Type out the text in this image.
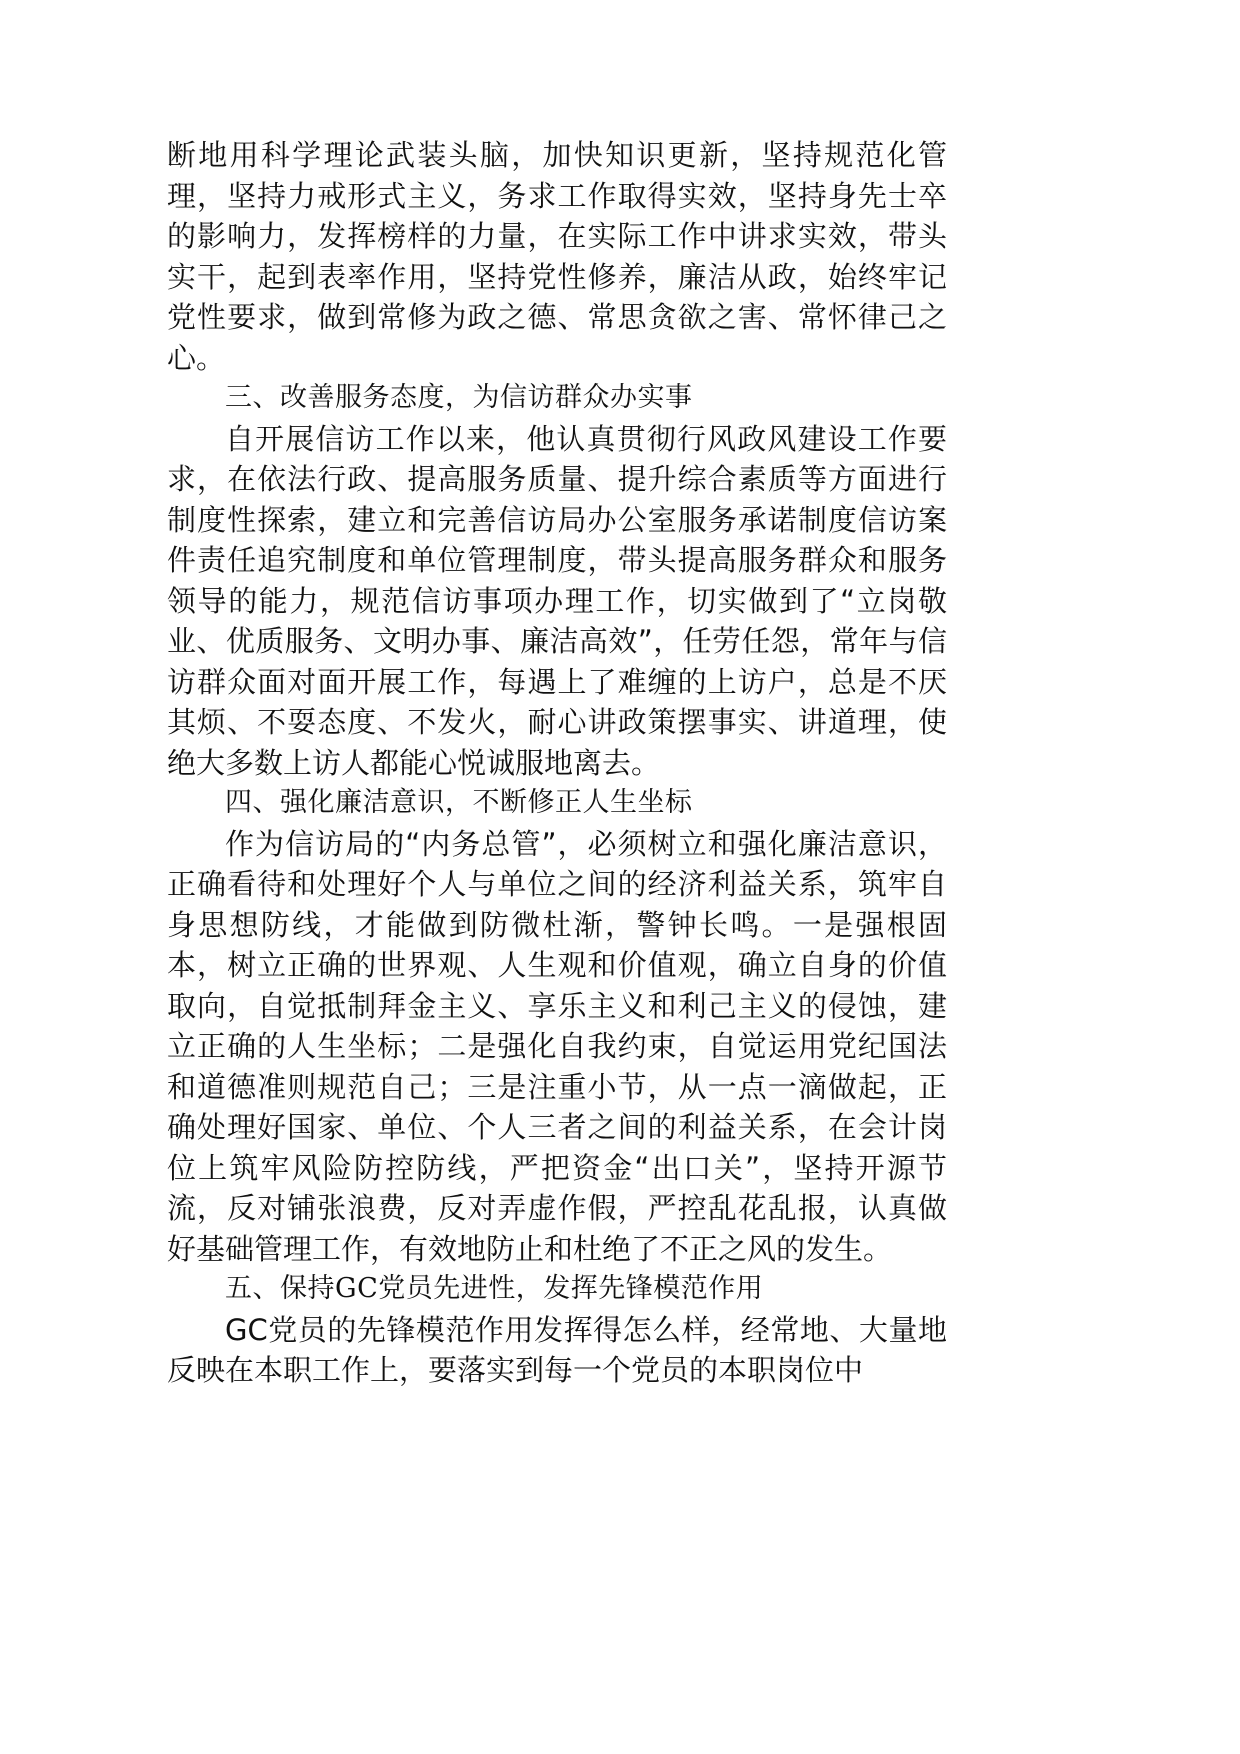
断地用科学理论武装头脑，加快知识更新，坚持规范化管理，坚持力戒形式主义，务求工作取得实效，坚持身先士卒的影响力，发挥榜样的力量，在实际工作中讲求实效，带头实干，起到表率作用，坚持党性修养，廉洁从政，始终牢记党性要求，做到常修为政之德、常思贪欲之害、常怀律己之心。

三、改善服务态度，为信访群众办实事

自开展信访工作以来，他认真贯彻行风政风建设工作要求，在依法行政、提高服务质量、提升综合素质等方面进行制度性探索，建立和完善信访局办公室服务承诺制度信访案件责任追究制度和单位管理制度，带头提高服务群众和服务领导的能力，规范信访事项办理工作，切实做到了“立岗敬业、优质服务、文明办事、廉洁高效”，任劳任怨，常年与信访群众面对面开展工作，每遇上了难缠的上访户，总是不厌其烦、不耍态度、不发火，耐心讲政策摆事实、讲道理，使绝大多数上访人都能心悦诚服地离去。

四、强化廉洁意识，不断修正人生坐标

作为信访局的“内务总管”，必须树立和强化廉洁意识，正确看待和处理好个人与单位之间的经济利益关系，筑牢自身思想防线，才能做到防微杜渐，警钟长鸣。一是强根固本，树立正确的世界观、人生观和价值观，确立自身的价值取向，自觉抵制拜金主义、享乐主义和利己主义的侵蚀，建立正确的人生坐标；二是强化自我约束，自觉运用党纪国法和道德准则规范自己；三是注重小节，从一点一滴做起，正确处理好国家、单位、个人三者之间的利益关系，在会计岗位上筑牢风险防控防线，严把资金“出口关”，坚持开源节流，反对铺张浪费，反对弄虚作假，严控乱花乱报，认真做好基础管理工作，有效地防止和杜绝了不正之风的发生。

五、保持GC党员先进性，发挥先锋模范作用

GC党员的先锋模范作用发挥得怎么样，经常地、大量地反映在本职工作上，要落实到每一个党员的本职岗位中
